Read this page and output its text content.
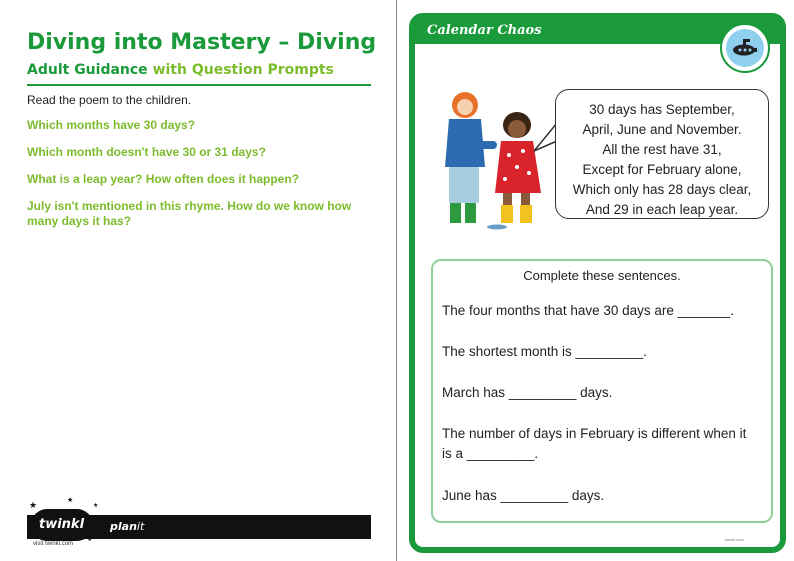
Diving into Mastery – Diving
Adult Guidance with Question Prompts

Read the poem to the children.

Which months have 30 days?
Which month doesn't have 30 or 31 days?
What is a leap year? How often does it happen?
July isn't mentioned in this rhyme. How do we know how many days it has?
★	★
★
★
twinkl planit
visit twinkl.com
Calendar Chaos
30 days has September,
April, June and November.
All the rest have 31,
Except for February alone,
Which only has 28 days clear,
And 29 in each leap year.
Complete these sentences.
The four months that have 30 days are _______.
The shortest month is _________.
March has _________ days.
The number of days in February is different when it is a _________.
June has _________ days.
twinkl.com
